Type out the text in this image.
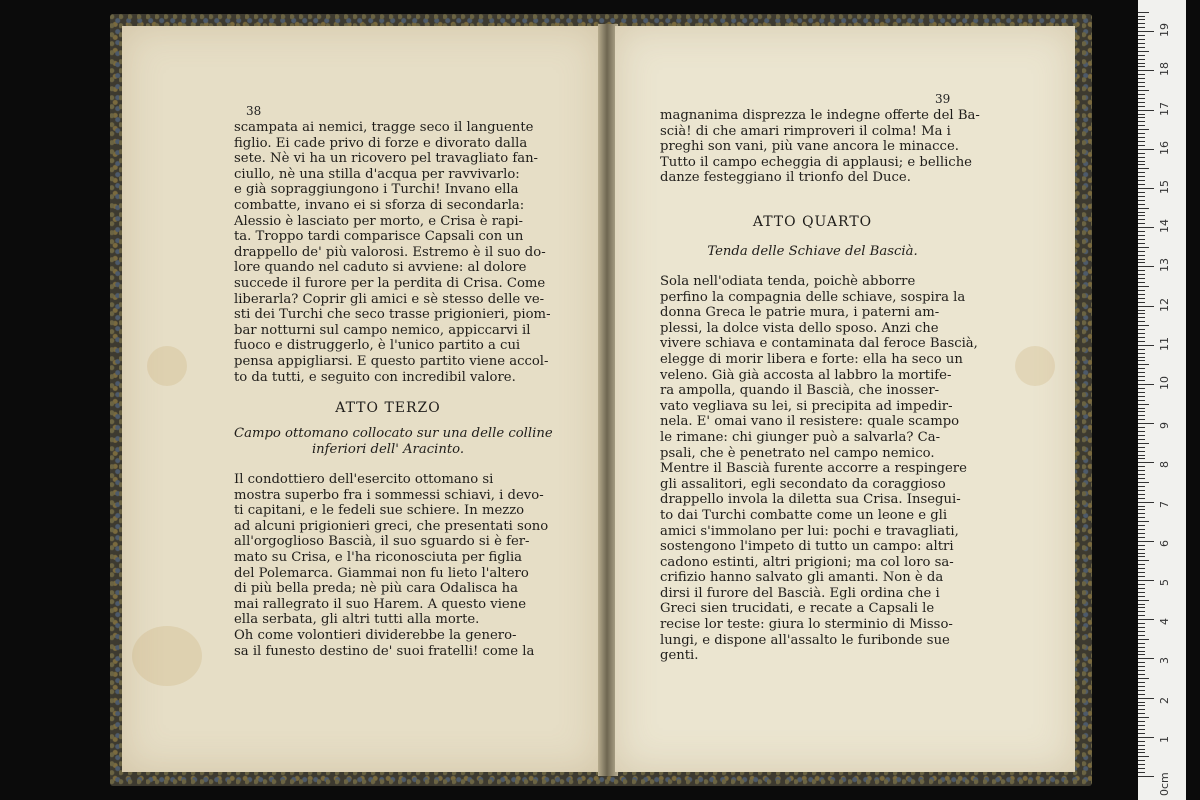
38
scampata ai nemici, tragge seco il languente
figlio. Ei cade privo di forze e divorato dalla
sete. Nè vi ha un ricovero pel travagliato fan-
ciullo, nè una stilla d'acqua per ravvivarlo:
e già sopraggiungono i Turchi! Invano ella
combatte, invano ei si sforza di secondarla:
Alessio è lasciato per morto, e Crisa è rapi-
ta. Troppo tardi comparisce Capsali con un
drappello de' più valorosi. Estremo è il suo do-
lore quando nel caduto si avviene: al dolore
succede il furore per la perdita di Crisa. Come
liberarla? Coprir gli amici e sè stesso delle ve-
sti dei Turchi che seco trasse prigionieri, piom-
bar notturni sul campo nemico, appiccarvi il
fuoco e distruggerlo, è l'unico partito a cui
pensa appigliarsi. E questo partito viene accol-
to da tutti, e seguito con incredibil valore.
ATTO TERZO
Campo ottomano collocato sur una delle colline
inferiori dell' Aracinto.
Il condottiero dell'esercito ottomano si
mostra superbo fra i sommessi schiavi, i devo-
ti capitani, e le fedeli sue schiere. In mezzo
ad alcuni prigionieri greci, che presentati sono
all'orgoglioso Bascià, il suo sguardo si è fer-
mato su Crisa, e l'ha riconosciuta per figlia
del Polemarca. Giammai non fu lieto l'altero
di più bella preda; nè più cara Odalisca ha
mai rallegrato il suo Harem. A questo viene
ella serbata, gli altri tutti alla morte.
Oh come volontieri dividerebbe la genero-
sa il funesto destino de' suoi fratelli! come la
39
magnanima disprezza le indegne offerte del Ba-
scià! di che amari rimproveri il colma! Ma i
preghi son vani, più vane ancora le minacce.
Tutto il campo echeggia di applausi; e belliche
danze festeggiano il trionfo del Duce.
ATTO QUARTO
Tenda delle Schiave del Bascià.
Sola nell'odiata tenda, poichè abborre
perfino la compagnia delle schiave, sospira la
donna Greca le patrie mura, i paterni am-
plessi, la dolce vista dello sposo. Anzi che
vivere schiava e contaminata dal feroce Bascià,
elegge di morir libera e forte: ella ha seco un
veleno. Già già accosta al labbro la mortife-
ra ampolla, quando il Bascià, che inosser-
vato vegliava su lei, si precipita ad impedir-
nela. E' omai vano il resistere: quale scampo
le rimane: chi giunger può a salvarla? Ca-
psali, che è penetrato nel campo nemico.
Mentre il Bascià furente accorre a respingere
gli assalitori, egli secondato da coraggioso
drappello invola la diletta sua Crisa. Insegui-
to dai Turchi combatte come un leone e gli
amici s'immolano per lui: pochi e travagliati,
sostengono l'impeto di tutto un campo: altri
cadono estinti, altri prigioni; ma col loro sa-
crifizio hanno salvato gli amanti. Non è da
dirsi il furore del Bascià. Egli ordina che i
Greci sien trucidati, e recate a Capsali le
recise lor teste: giura lo sterminio di Misso-
lungi, e dispone all'assalto le furibonde sue
genti.
0cm
1
2
3
4
5
6
7
8
9
10
11
12
13
14
15
16
17
18
19
